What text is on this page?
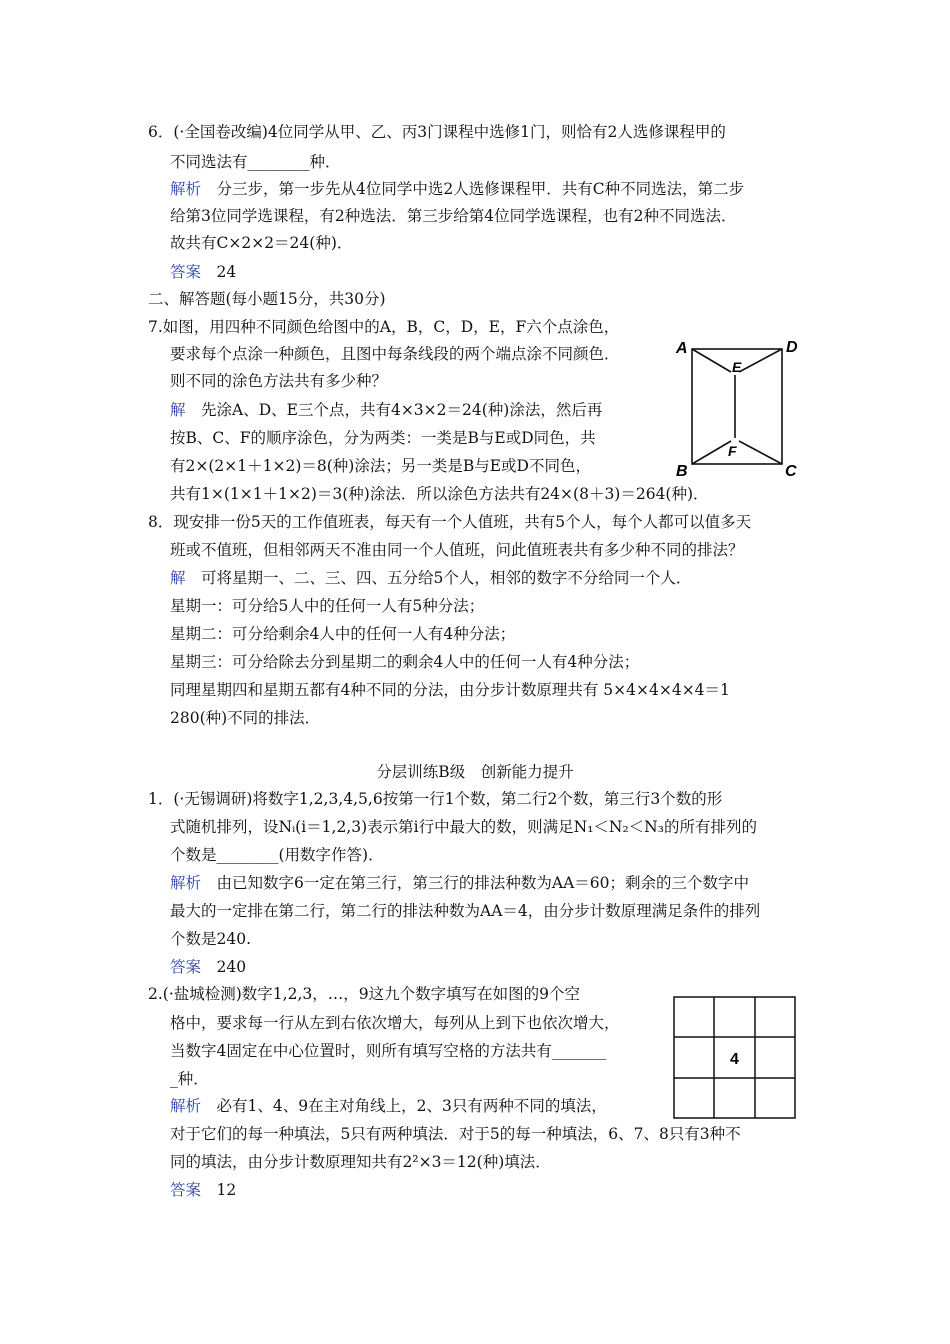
6．(·全国卷改编)4位同学从甲、乙、丙3门课程中选修1门，则恰有2人选修课程甲的
不同选法有________种．
解析　分三步，第一步先从4位同学中选2人选修课程甲．共有C种不同选法，第二步
给第3位同学选课程，有2种选法．第三步给第4位同学选课程，也有2种不同选法．
故共有C×2×2＝24(种)．
答案　24
二、解答题(每小题15分，共30分)
7.如图，用四种不同颜色给图中的A，B，C，D，E，F六个点涂色，
要求每个点涂一种颜色，且图中每条线段的两个端点涂不同颜色．
则不同的涂色方法共有多少种？
解　先涂A、D、E三个点，共有4×3×2＝24(种)涂法，然后再
按B、C、F的顺序涂色，分为两类：一类是B与E或D同色，共
有2×(2×1＋1×2)＝8(种)涂法；另一类是B与E或D不同色，
共有1×(1×1＋1×2)＝3(种)涂法．所以涂色方法共有24×(8＋3)＝264(种)．
A	D
E
F
B	C
8．现安排一份5天的工作值班表，每天有一个人值班，共有5个人，每个人都可以值多天
班或不值班，但相邻两天不准由同一个人值班，问此值班表共有多少种不同的排法？
解　可将星期一、二、三、四、五分给5个人，相邻的数字不分给同一个人．
星期一：可分给5人中的任何一人有5种分法；
星期二：可分给剩余4人中的任何一人有4种分法；
星期三：可分给除去分到星期二的剩余4人中的任何一人有4种分法；
同理星期四和星期五都有4种不同的分法，由分步计数原理共有 5×4×4×4×4＝1
280(种)不同的排法．
分层训练B级　创新能力提升
1．(·无锡调研)将数字1,2,3,4,5,6按第一行1个数，第二行2个数，第三行3个数的形
式随机排列，设Nᵢ(i＝1,2,3)表示第i行中最大的数，则满足N₁＜N₂＜N₃的所有排列的
个数是________(用数字作答)．
解析　由已知数字6一定在第三行，第三行的排法种数为AA＝60；剩余的三个数字中
最大的一定排在第二行，第二行的排法种数为AA＝4，由分步计数原理满足条件的排列
个数是240.
答案　240
2.(·盐城检测)数字1,2,3，…，9这九个数字填写在如图的9个空
格中，要求每一行从左到右依次增大，每列从上到下也依次增大，
当数字4固定在中心位置时，则所有填写空格的方法共有_______
_种．
解析　必有1、4、9在主对角线上，2、3只有两种不同的填法，
对于它们的每一种填法，5只有两种填法．对于5的每一种填法，6、7、8只有3种不
同的填法，由分步计数原理知共有2²×3＝12(种)填法．
答案　12
4
